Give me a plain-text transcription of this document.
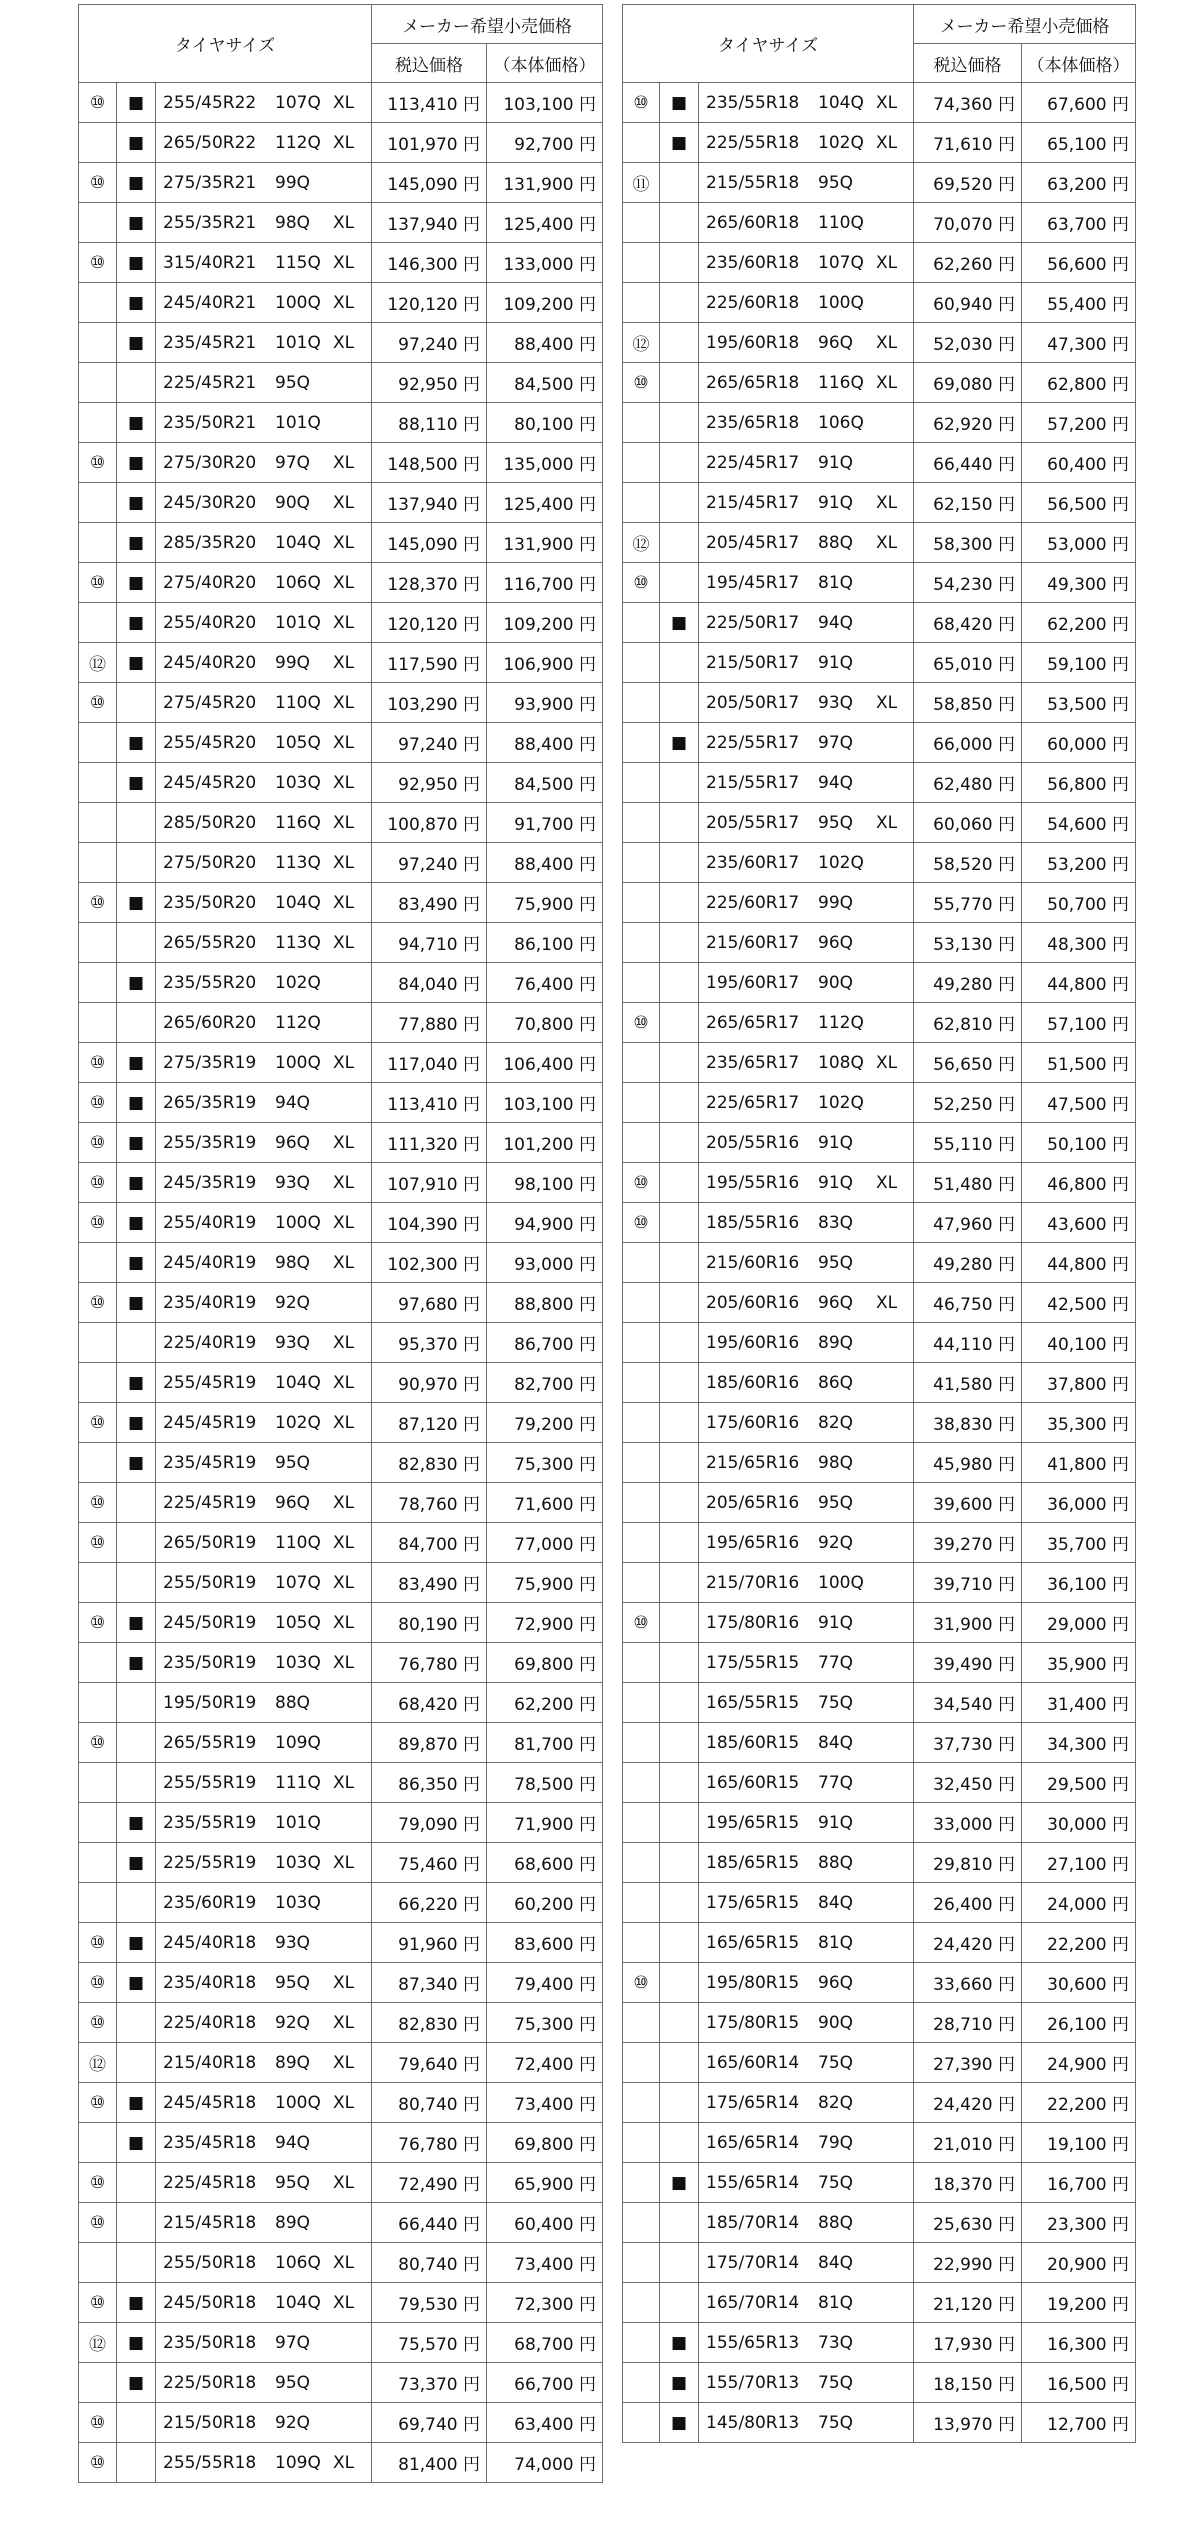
タイヤサイズ			メーカー希望小売価格	
			税込価格	（本体価格）
⑩	■	255/45R22 107Q XL	113,410 円	103,100 円
	■	265/50R22 112Q XL	101,970 円	92,700 円
⑩	■	275/35R21 99Q	145,090 円	131,900 円
	■	255/35R21 98Q XL	137,940 円	125,400 円
⑩	■	315/40R21 115Q XL	146,300 円	133,000 円
	■	245/40R21 100Q XL	120,120 円	109,200 円
	■	235/45R21 101Q XL	97,240 円	88,400 円

		225/45R21 95Q	92,950 円	84,500 円
	■	235/50R21 101Q	88,110 円	80,100 円
⑩	■	275/30R20 97Q XL	148,500 円	135,000 円
	■	245/30R20 90Q XL	137,940 円	125,400 円
	■	285/35R20 104Q XL	145,090 円	131,900 円
⑩	■	275/40R20 106Q XL	128,370 円	116,700 円
	■	255/40R20 101Q XL	120,120 円	109,200 円
⑫	■	245/40R20 99Q XL	117,590 円	106,900 円
⑩		275/45R20 110Q XL	103,290 円	93,900 円
	■	255/45R20 105Q XL	97,240 円	88,400 円
	■	245/45R20 103Q XL	92,950 円	84,500 円

		285/50R20 116Q XL	100,870 円	91,700 円

		275/50R20 113Q XL	97,240 円	88,400 円
⑩	■	235/50R20 104Q XL	83,490 円	75,900 円

		265/55R20 113Q XL	94,710 円	86,100 円
	■	235/55R20 102Q	84,040 円	76,400 円

		265/60R20 112Q	77,880 円	70,800 円
⑩	■	275/35R19 100Q XL	117,040 円	106,400 円
⑩	■	265/35R19 94Q	113,410 円	103,100 円
⑩	■	255/35R19 96Q XL	111,320 円	101,200 円
⑩	■	245/35R19 93Q XL	107,910 円	98,100 円
⑩	■	255/40R19 100Q XL	104,390 円	94,900 円
	■	245/40R19 98Q XL	102,300 円	93,000 円
⑩	■	235/40R19 92Q	97,680 円	88,800 円

		225/40R19 93Q XL	95,370 円	86,700 円
	■	255/45R19 104Q XL	90,970 円	82,700 円
⑩	■	245/45R19 102Q XL	87,120 円	79,200 円
	■	235/45R19 95Q	82,830 円	75,300 円
⑩		225/45R19 96Q XL	78,760 円	71,600 円
⑩		265/50R19 110Q XL	84,700 円	77,000 円

		255/50R19 107Q XL	83,490 円	75,900 円
⑩	■	245/50R19 105Q XL	80,190 円	72,900 円
	■	235/50R19 103Q XL	76,780 円	69,800 円

		195/50R19 88Q	68,420 円	62,200 円
⑩		265/55R19 109Q	89,870 円	81,700 円

		255/55R19 111Q XL	86,350 円	78,500 円
	■	235/55R19 101Q	79,090 円	71,900 円
	■	225/55R19 103Q XL	75,460 円	68,600 円

		235/60R19 103Q	66,220 円	60,200 円
⑩	■	245/40R18 93Q	91,960 円	83,600 円
⑩	■	235/40R18 95Q XL	87,340 円	79,400 円
⑩		225/40R18 92Q XL	82,830 円	75,300 円
⑫		215/40R18 89Q XL	79,640 円	72,400 円
⑩	■	245/45R18 100Q XL	80,740 円	73,400 円
	■	235/45R18 94Q	76,780 円	69,800 円
⑩		225/45R18 95Q XL	72,490 円	65,900 円
⑩		215/45R18 89Q	66,440 円	60,400 円

		255/50R18 106Q XL	80,740 円	73,400 円
⑩	■	245/50R18 104Q XL	79,530 円	72,300 円
⑫	■	235/50R18 97Q	75,570 円	68,700 円
	■	225/50R18 95Q	73,370 円	66,700 円
⑩		215/50R18 92Q	69,740 円	63,400 円
⑩		255/55R18 109Q XL	81,400 円	74,000 円
タイヤサイズ			メーカー希望小売価格	
			税込価格	（本体価格）
⑩	■	235/55R18 104Q XL	74,360 円	67,600 円
	■	225/55R18 102Q XL	71,610 円	65,100 円
⑪		215/55R18 95Q	69,520 円	63,200 円

		265/60R18 110Q	70,070 円	63,700 円

		235/60R18 107Q XL	62,260 円	56,600 円

		225/60R18 100Q	60,940 円	55,400 円
⑫		195/60R18 96Q XL	52,030 円	47,300 円
⑩		265/65R18 116Q XL	69,080 円	62,800 円

		235/65R18 106Q	62,920 円	57,200 円

		225/45R17 91Q	66,440 円	60,400 円

		215/45R17 91Q XL	62,150 円	56,500 円
⑫		205/45R17 88Q XL	58,300 円	53,000 円
⑩		195/45R17 81Q	54,230 円	49,300 円
	■	225/50R17 94Q	68,420 円	62,200 円

		215/50R17 91Q	65,010 円	59,100 円

		205/50R17 93Q XL	58,850 円	53,500 円
	■	225/55R17 97Q	66,000 円	60,000 円

		215/55R17 94Q	62,480 円	56,800 円

		205/55R17 95Q XL	60,060 円	54,600 円

		235/60R17 102Q	58,520 円	53,200 円

		225/60R17 99Q	55,770 円	50,700 円

		215/60R17 96Q	53,130 円	48,300 円

		195/60R17 90Q	49,280 円	44,800 円
⑩		265/65R17 112Q	62,810 円	57,100 円

		235/65R17 108Q XL	56,650 円	51,500 円

		225/65R17 102Q	52,250 円	47,500 円

		205/55R16 91Q	55,110 円	50,100 円
⑩		195/55R16 91Q XL	51,480 円	46,800 円
⑩		185/55R16 83Q	47,960 円	43,600 円

		215/60R16 95Q	49,280 円	44,800 円

		205/60R16 96Q XL	46,750 円	42,500 円

		195/60R16 89Q	44,110 円	40,100 円

		185/60R16 86Q	41,580 円	37,800 円

		175/60R16 82Q	38,830 円	35,300 円

		215/65R16 98Q	45,980 円	41,800 円

		205/65R16 95Q	39,600 円	36,000 円

		195/65R16 92Q	39,270 円	35,700 円

		215/70R16 100Q	39,710 円	36,100 円
⑩		175/80R16 91Q	31,900 円	29,000 円

		175/55R15 77Q	39,490 円	35,900 円

		165/55R15 75Q	34,540 円	31,400 円

		185/60R15 84Q	37,730 円	34,300 円

		165/60R15 77Q	32,450 円	29,500 円

		195/65R15 91Q	33,000 円	30,000 円

		185/65R15 88Q	29,810 円	27,100 円

		175/65R15 84Q	26,400 円	24,000 円

		165/65R15 81Q	24,420 円	22,200 円
⑩		195/80R15 96Q	33,660 円	30,600 円

		175/80R15 90Q	28,710 円	26,100 円

		165/60R14 75Q	27,390 円	24,900 円

		175/65R14 82Q	24,420 円	22,200 円

		165/65R14 79Q	21,010 円	19,100 円
	■	155/65R14 75Q	18,370 円	16,700 円

		185/70R14 88Q	25,630 円	23,300 円

		175/70R14 84Q	22,990 円	20,900 円

		165/70R14 81Q	21,120 円	19,200 円
	■	155/65R13 73Q	17,930 円	16,300 円
	■	155/70R13 75Q	18,150 円	16,500 円
	■	145/80R13 75Q	13,970 円	12,700 円
